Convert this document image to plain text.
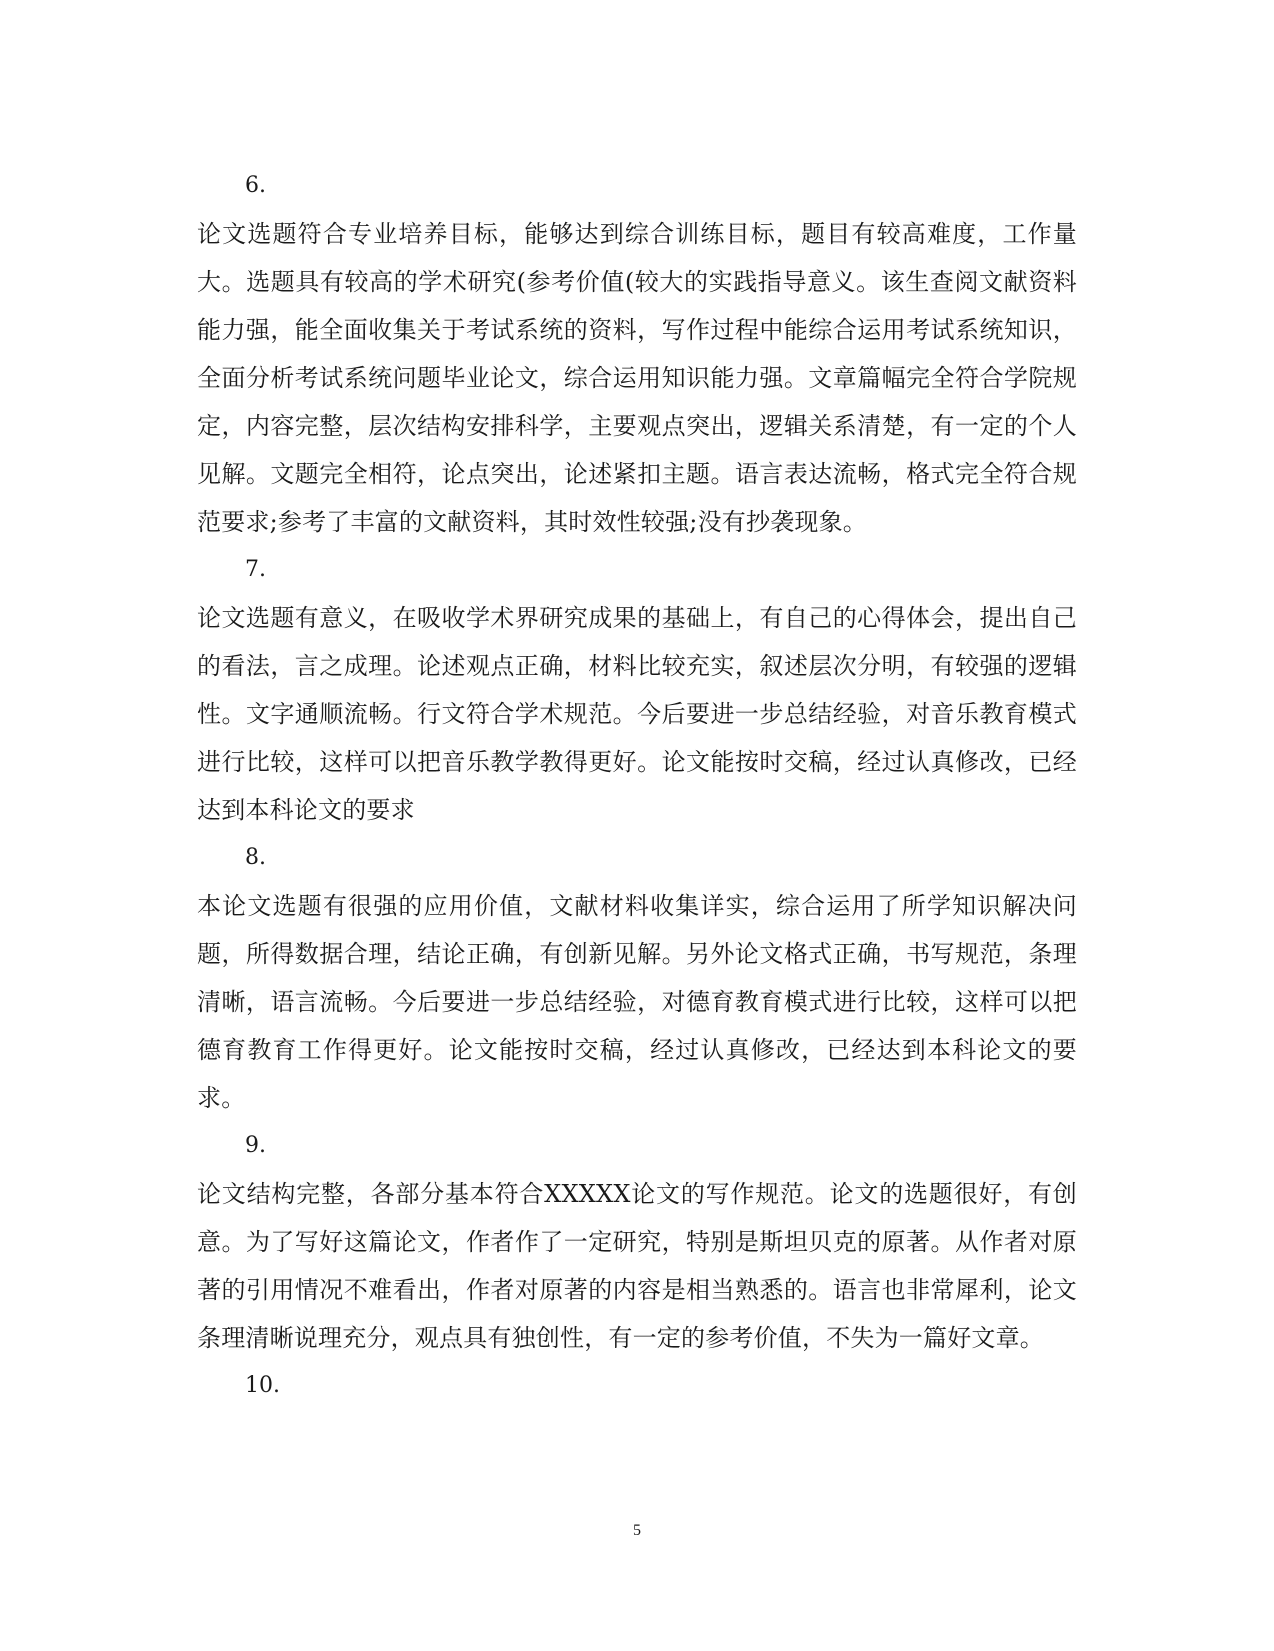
6.

论文选题符合专业培养目标，能够达到综合训练目标，题目有较高难度，工作量大。选题具有较高的学术研究(参考价值(较大的实践指导意义。该生查阅文献资料能力强，能全面收集关于考试系统的资料，写作过程中能综合运用考试系统知识，全面分析考试系统问题毕业论文，综合运用知识能力强。文章篇幅完全符合学院规定，内容完整，层次结构安排科学，主要观点突出，逻辑关系清楚，有一定的个人见解。文题完全相符，论点突出，论述紧扣主题。语言表达流畅，格式完全符合规范要求;参考了丰富的文献资料，其时效性较强;没有抄袭现象。

7.

论文选题有意义，在吸收学术界研究成果的基础上，有自己的心得体会，提出自己的看法，言之成理。论述观点正确，材料比较充实，叙述层次分明，有较强的逻辑性。文字通顺流畅。行文符合学术规范。今后要进一步总结经验，对音乐教育模式进行比较，这样可以把音乐教学教得更好。论文能按时交稿，经过认真修改，已经达到本科论文的要求

8.

本论文选题有很强的应用价值，文献材料收集详实，综合运用了所学知识解决问题，所得数据合理，结论正确，有创新见解。另外论文格式正确，书写规范，条理清晰，语言流畅。今后要进一步总结经验，对德育教育模式进行比较，这样可以把德育教育工作得更好。论文能按时交稿，经过认真修改，已经达到本科论文的要求。

9.

论文结构完整，各部分基本符合XXXXX论文的写作规范。论文的选题很好，有创意。为了写好这篇论文，作者作了一定研究，特别是斯坦贝克的原著。从作者对原著的引用情况不难看出，作者对原著的内容是相当熟悉的。语言也非常犀利，论文条理清晰说理充分，观点具有独创性，有一定的参考价值，不失为一篇好文章。

10.

5
